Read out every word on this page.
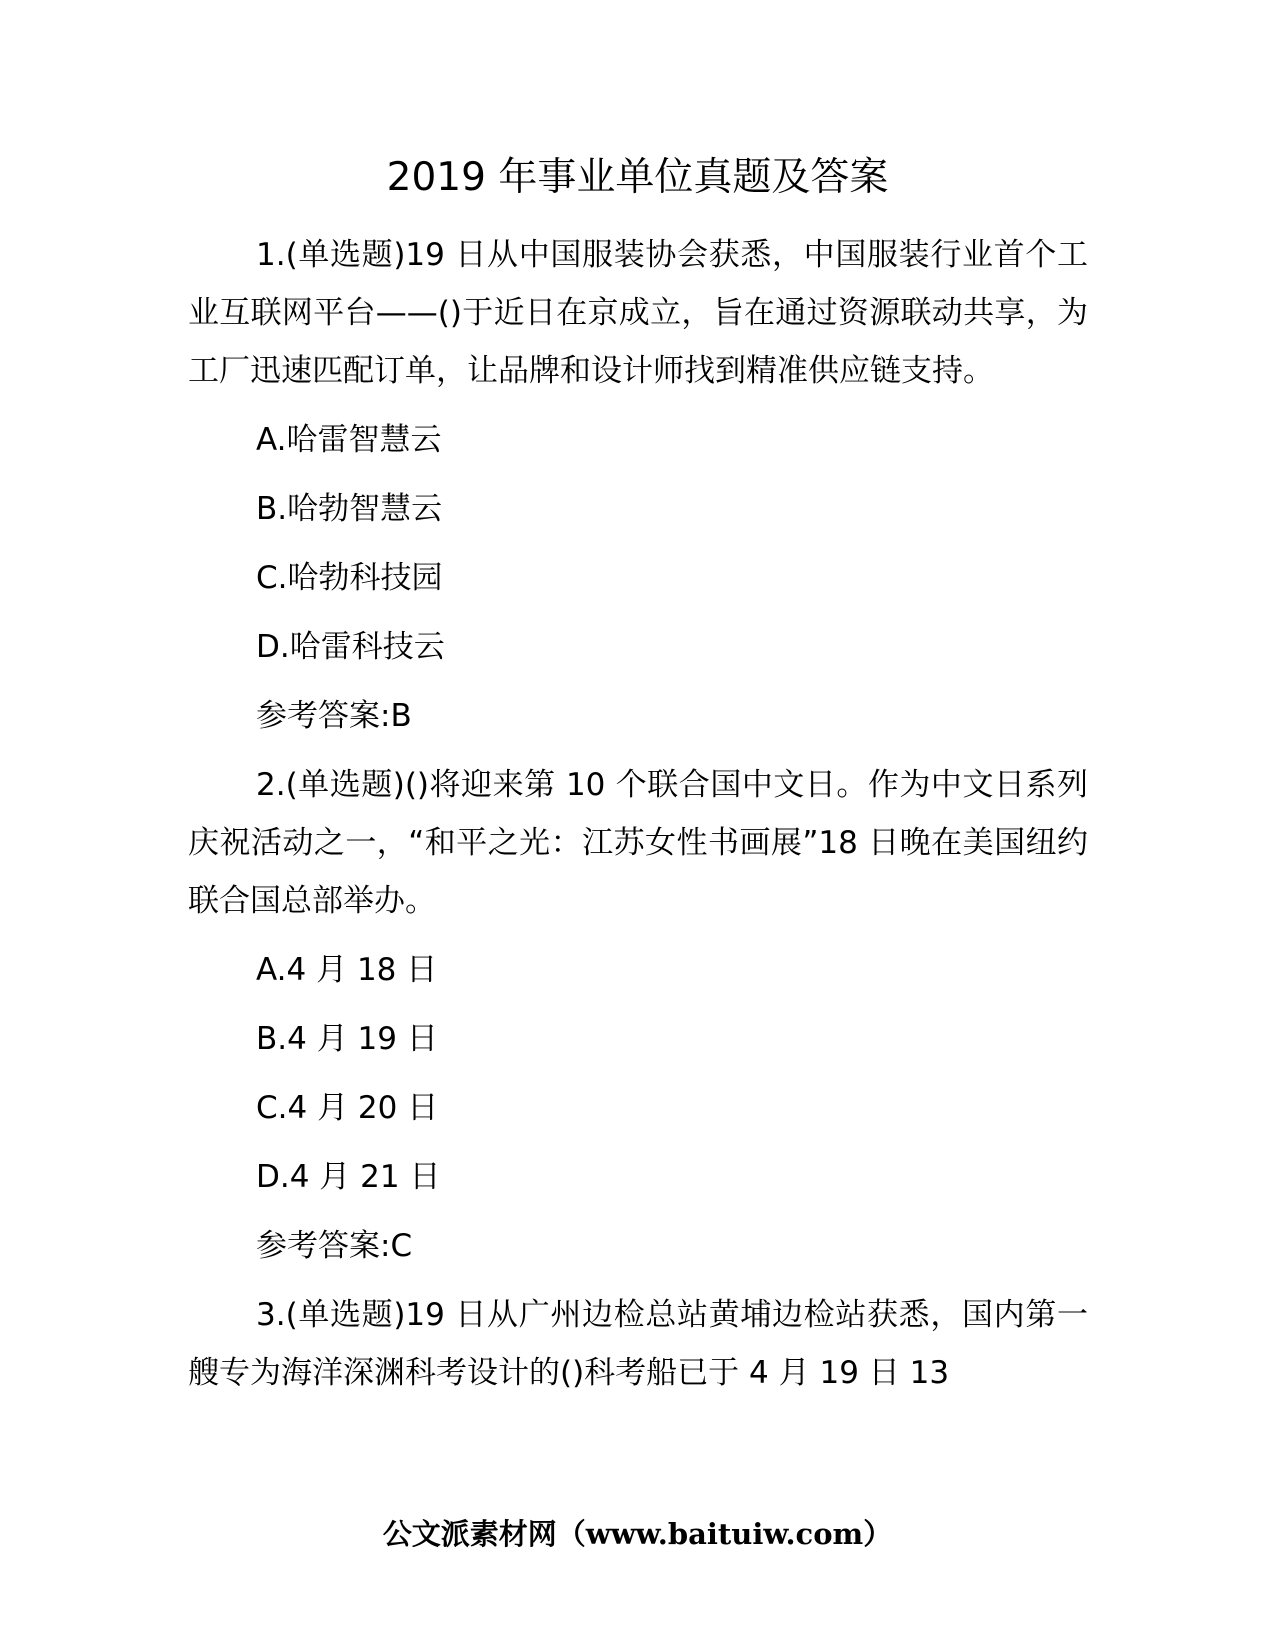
2019 年事业单位真题及答案

1.(单选题)19 日从中国服装协会获悉，中国服装行业首个工业互联网平台——()于近日在京成立，旨在通过资源联动共享，为工厂迅速匹配订单，让品牌和设计师找到精准供应链支持。

A.哈雷智慧云

B.哈勃智慧云

C.哈勃科技园

D.哈雷科技云

参考答案:B

2.(单选题)()将迎来第 10 个联合国中文日。作为中文日系列庆祝活动之一，“和平之光：江苏女性书画展”18 日晚在美国纽约联合国总部举办。

A.4 月 18 日

B.4 月 19 日

C.4 月 20 日

D.4 月 21 日

参考答案:C

3.(单选题)19 日从广州边检总站黄埔边检站获悉，国内第一艘专为海洋深渊科考设计的()科考船已于 4 月 19 日 13

公文派素材网（www.baituiw.com）
